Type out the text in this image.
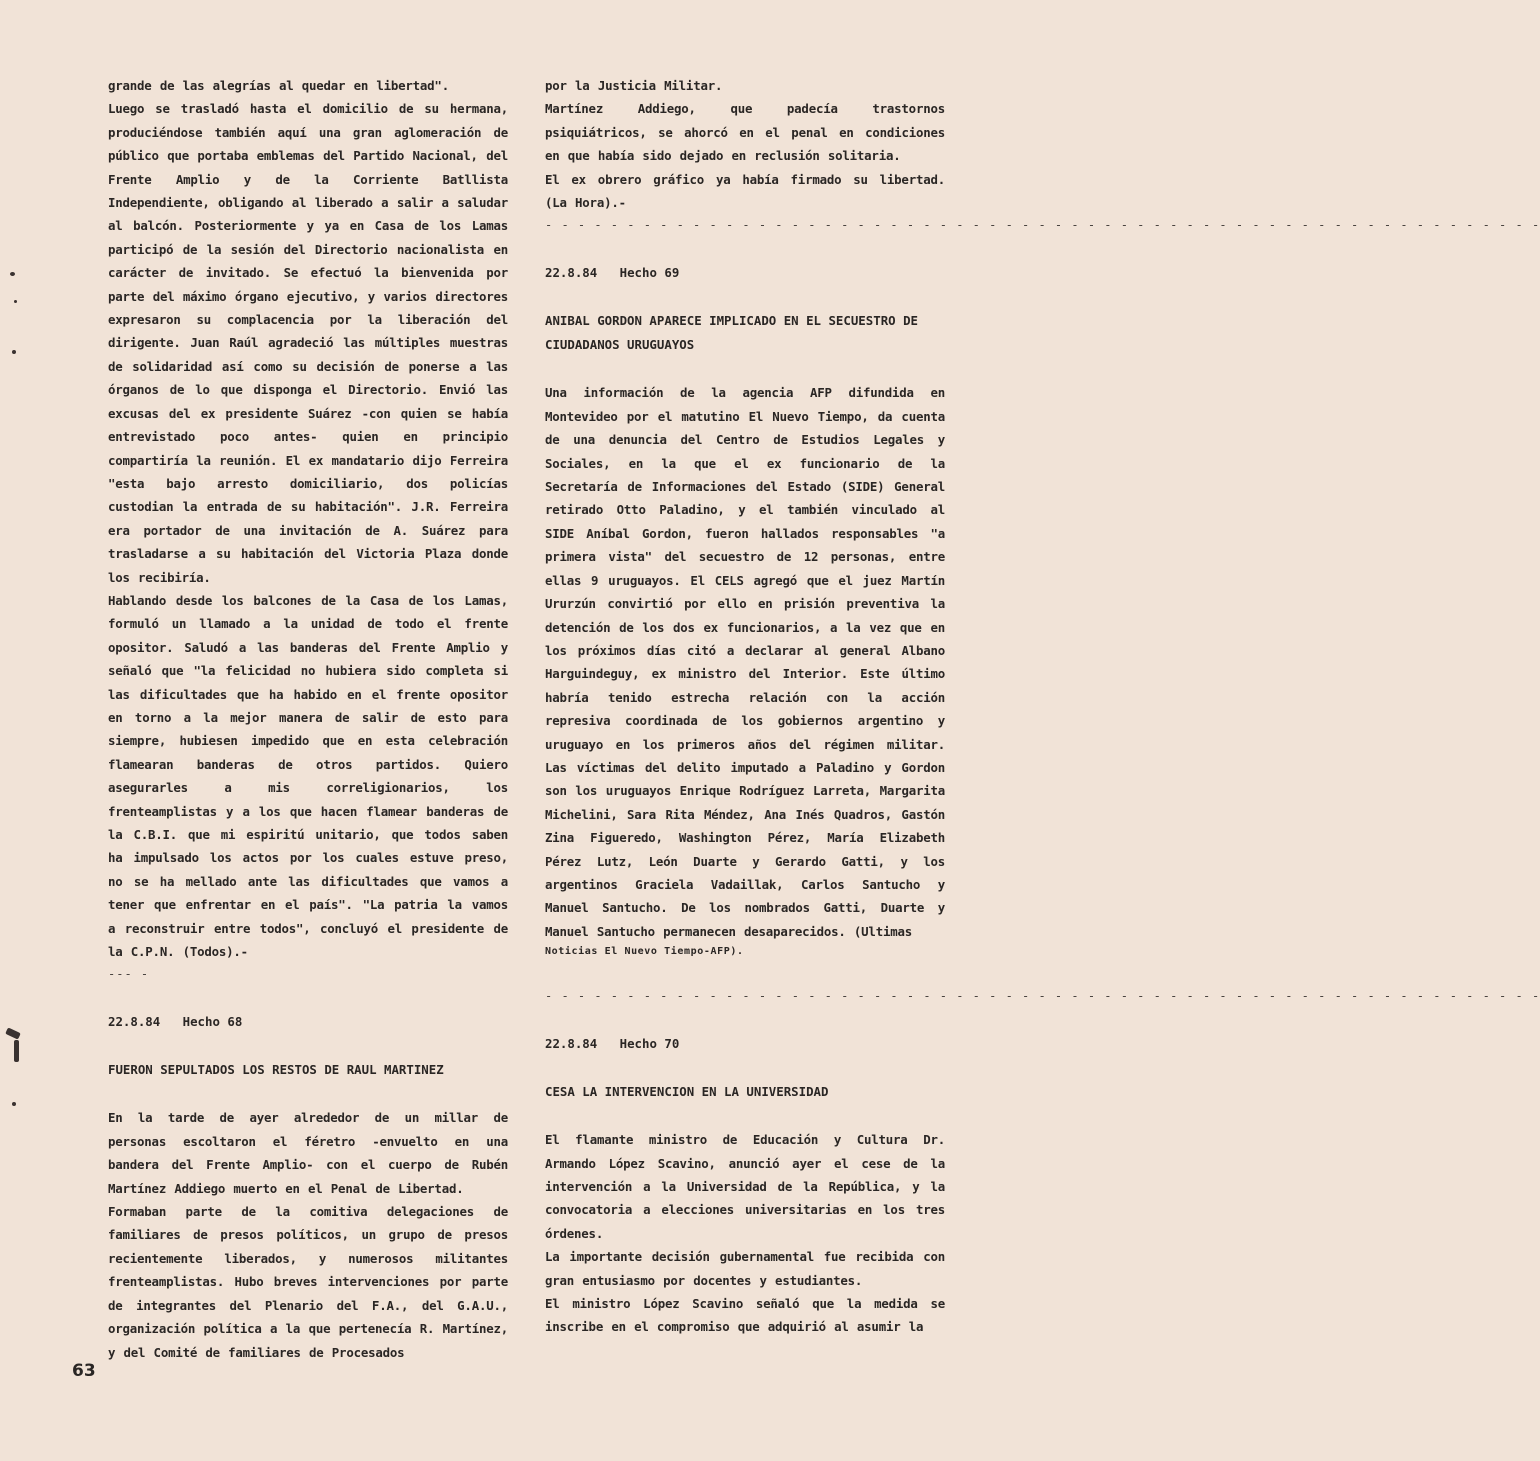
grande de las alegrías al quedar en libertad".

Luego se trasladó hasta el domicilio de su hermana, produciéndose también aquí una gran aglomeración de público que portaba emblemas del Partido Nacional, del Frente Amplio y de la Corriente Batllista Independiente, obligando al liberado a salir a saludar al balcón. Posteriormente y ya en Casa de los Lamas participó de la sesión del Directorio nacionalista en carácter de invitado. Se efectuó la bienvenida por parte del máximo órgano ejecutivo, y varios directores expresaron su complacencia por la liberación del dirigente. Juan Raúl agradeció las múltiples muestras de solidaridad así como su decisión de ponerse a las órganos de lo que disponga el Directorio. Envió las excusas del ex presidente Suárez -con quien se había entrevistado poco antes- quien en principio compartiría la reunión. El ex mandatario dijo Ferreira "esta bajo arresto domiciliario, dos policías custodian la entrada de su habitación". J.R. Ferreira era portador de una invitación de A. Suárez para trasladarse a su habitación del Victoria Plaza donde los recibiría.

Hablando desde los balcones de la Casa de los Lamas, formuló un llamado a la unidad de todo el frente opositor. Saludó a las banderas del Frente Amplio y señaló que "la felicidad no hubiera sido completa si las dificultades que ha habido en el frente opositor en torno a la mejor manera de salir de esto para siempre, hubiesen impedido que en esta celebración flamearan banderas de otros partidos. Quiero asegurarles a mis correligionarios, los frenteamplistas y a los que hacen flamear banderas de la C.B.I. que mi espiritú unitario, que todos saben ha impulsado los actos por los cuales estuve preso, no se ha mellado ante las dificultades que vamos a tener que enfrentar en el país". "La patria la vamos a reconstruir entre todos", concluyó el presidente de la C.P.N. (Todos).-

--- -

22.8.84 Hecho 68

FUERON SEPULTADOS LOS RESTOS DE RAUL MARTINEZ

En la tarde de ayer alrededor de un millar de personas escoltaron el féretro -envuelto en una bandera del Frente Amplio- con el cuerpo de Rubén Martínez Addiego muerto en el Penal de Libertad.

Formaban parte de la comitiva delegaciones de familiares de presos políticos, un grupo de presos recientemente liberados, y numerosos militantes frenteamplistas. Hubo breves intervenciones por parte de integrantes del Plenario del F.A., del G.A.U., organización política a la que pertenecía R. Martínez, y del Comité de familiares de Procesados

por la Justicia Militar.

Martínez Addiego, que padecía trastornos psiquiátricos, se ahorcó en el penal en condiciones en que había sido dejado en reclusión solitaria.

El ex obrero gráfico ya había firmado su libertad. (La Hora).-

- - - - - - - - - - - - - - - - - - - - - - - - - - - - - - - - - - - - - - - - - - - - - - - - - - - - - - - - - - - - -

22.8.84 Hecho 69

ANIBAL GORDON APARECE IMPLICADO EN EL SECUESTRO DE CIUDADANOS URUGUAYOS

Una información de la agencia AFP difundida en Montevideo por el matutino El Nuevo Tiempo, da cuenta de una denuncia del Centro de Estudios Legales y Sociales, en la que el ex funcionario de la Secretaría de Informaciones del Estado (SIDE) General retirado Otto Paladino, y el también vinculado al SIDE Aníbal Gordon, fueron hallados responsables "a primera vista" del secuestro de 12 personas, entre ellas 9 uruguayos. El CELS agregó que el juez Martín Ururzún convirtió por ello en prisión preventiva la detención de los dos ex funcionarios, a la vez que en los próximos días citó a declarar al general Albano Harguindeguy, ex ministro del Interior. Este último habría tenido estrecha relación con la acción represiva coordinada de los gobiernos argentino y uruguayo en los primeros años del régimen militar. Las víctimas del delito imputado a Paladino y Gordon son los uruguayos Enrique Rodríguez Larreta, Margarita Michelini, Sara Rita Méndez, Ana Inés Quadros, Gastón Zina Figueredo, Washington Pérez, María Elizabeth Pérez Lutz, León Duarte y Gerardo Gatti, y los argentinos Graciela Vadaillak, Carlos Santucho y Manuel Santucho. De los nombrados Gatti, Duarte y Manuel Santucho permanecen desaparecidos. (Ultimas

Noticias El Nuevo Tiempo-AFP).

- - - - - - - - - - - - - - - - - - - - - - - - - - - - - - - - - - - - - - - - - - - - - - - - - - - - - - - - - - - - -

22.8.84 Hecho 70

CESA LA INTERVENCION EN LA UNIVERSIDAD

El flamante ministro de Educación y Cultura Dr. Armando López Scavino, anunció ayer el cese de la intervención a la Universidad de la República, y la convocatoria a elecciones universitarias en los tres órdenes.

La importante decisión gubernamental fue recibida con gran entusiasmo por docentes y estudiantes.

El ministro López Scavino señaló que la medida se inscribe en el compromiso que adquirió al asumir la

63
